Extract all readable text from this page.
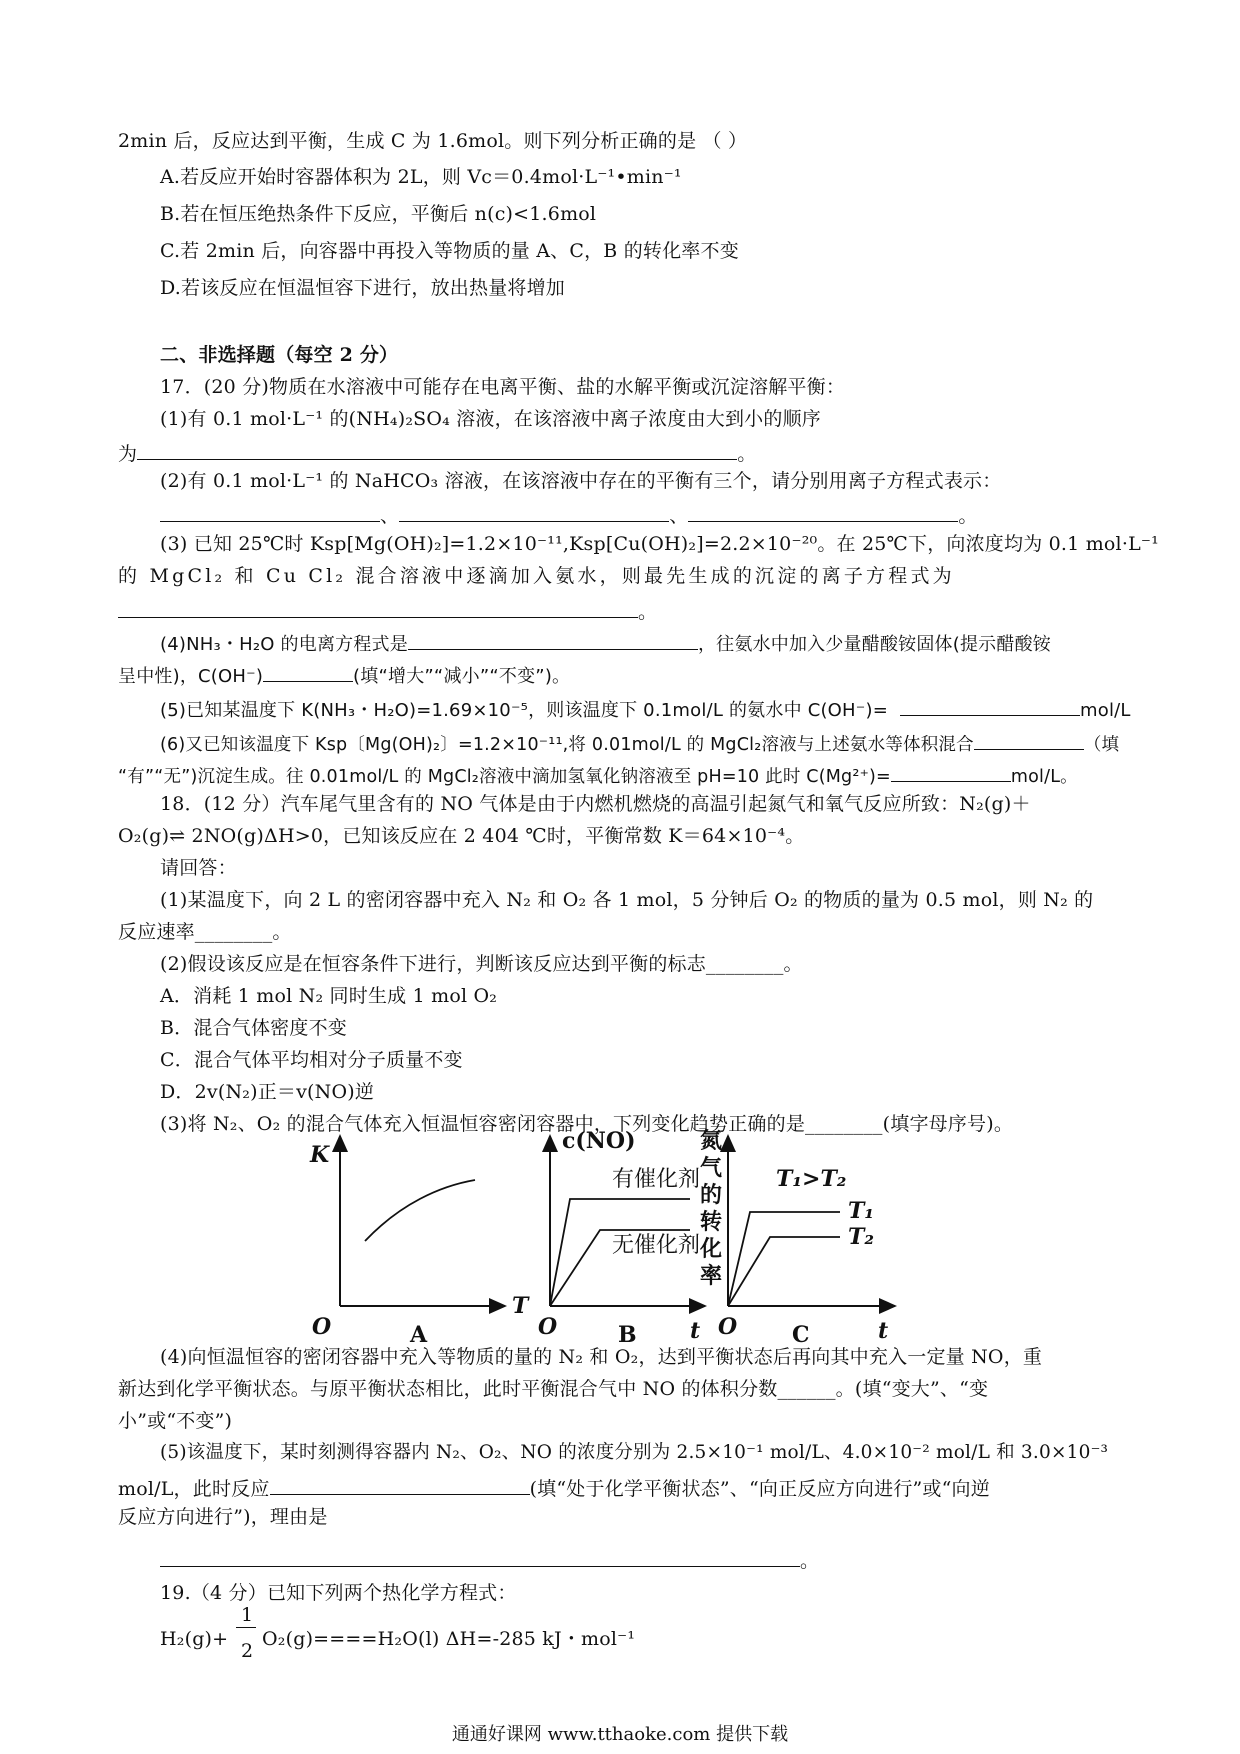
2min 后，反应达到平衡，生成 C 为 1.6mol。则下列分析正确的是 （ ）
A.若反应开始时容器体积为 2L，则 Vc＝0.4mol·L⁻¹•min⁻¹
B.若在恒压绝热条件下反应，平衡后 n(c)<1.6mol
C.若 2min 后，向容器中再投入等物质的量 A、C，B 的转化率不变
D.若该反应在恒温恒容下进行，放出热量将增加
二、非选择题（每空 2 分）
17．(20 分)物质在水溶液中可能存在电离平衡、盐的水解平衡或沉淀溶解平衡：
(1)有 0.1 mol·L⁻¹ 的(NH₄)₂SO₄ 溶液，在该溶液中离子浓度由大到小的顺序
为	。
(2)有 0.1 mol·L⁻¹ 的 NaHCO₃ 溶液，在该溶液中存在的平衡有三个，请分别用离子方程式表示：
、	、	。
(3) 已知 25℃时 Ksp[Mg(OH)₂]=1.2×10⁻¹¹,Ksp[Cu(OH)₂]=2.2×10⁻²⁰。在 25℃下，向浓度均为 0.1 mol·L⁻¹
的 MgCl₂ 和 Cu Cl₂ 混合溶液中逐滴加入氨水，则最先生成的沉淀的离子方程式为
。
(4)NH₃・H₂O 的电离方程式是	，往氨水中加入少量醋酸铵固体(提示醋酸铵
呈中性)，C(OH⁻)	(填“增大”“减小”“不变”)。
(5)已知某温度下 K(NH₃・H₂O)=1.69×10⁻⁵，则该温度下 0.1mol/L 的氨水中 C(OH⁻)=	mol/L
(6)又已知该温度下 Ksp〔Mg(OH)₂〕=1.2×10⁻¹¹,将 0.01mol/L 的 MgCl₂溶液与上述氨水等体积混合	（填
“有”“无”)沉淀生成。往 0.01mol/L 的 MgCl₂溶液中滴加氢氧化钠溶液至 pH=10 此时 C(Mg²⁺)=	mol/L。
18．(12 分）汽车尾气里含有的 NO 气体是由于内燃机燃烧的高温引起氮气和氧气反应所致：N₂(g)＋
O₂(g)⇌ 2NO(g)ΔH>0，已知该反应在 2 404 ℃时，平衡常数 K＝64×10⁻⁴。
请回答：
(1)某温度下，向 2 L 的密闭容器中充入 N₂ 和 O₂ 各 1 mol，5 分钟后 O₂ 的物质的量为 0.5 mol，则 N₂ 的
反应速率________。
(2)假设该反应是在恒容条件下进行，判断该反应达到平衡的标志________。
A．消耗 1 mol N₂ 同时生成 1 mol O₂
B．混合气体密度不变
C．混合气体平均相对分子质量不变
D．2v(N₂)正＝v(NO)逆
(3)将 N₂、O₂ 的混合气体充入恒温恒容密闭容器中，下列变化趋势正确的是________(填字母序号)。
K
T
O	A
c(NO)
有催化剂
无催化剂
O	t
B
T₁>T₂
T₁
T₂
O	t
C
氮气的转化率
(4)向恒温恒容的密闭容器中充入等物质的量的 N₂ 和 O₂，达到平衡状态后再向其中充入一定量 NO，重
新达到化学平衡状态。与原平衡状态相比，此时平衡混合气中 NO 的体积分数______。(填“变大”、“变
小”或“不变”)
(5)该温度下，某时刻测得容器内 N₂、O₂、NO 的浓度分别为 2.5×10⁻¹ mol/L、4.0×10⁻² mol/L 和 3.0×10⁻³
mol/L，此时反应	(填“处于化学平衡状态”、“向正反应方向进行”或“向逆
反应方向进行”)，理由是
。
19.（4 分）已知下列两个热化学方程式：
H₂(g)+
1
2
O₂(g)====H₂O(l) ΔH=-285 kJ・mol⁻¹
通通好课网 www.tthaoke.com 提供下载
